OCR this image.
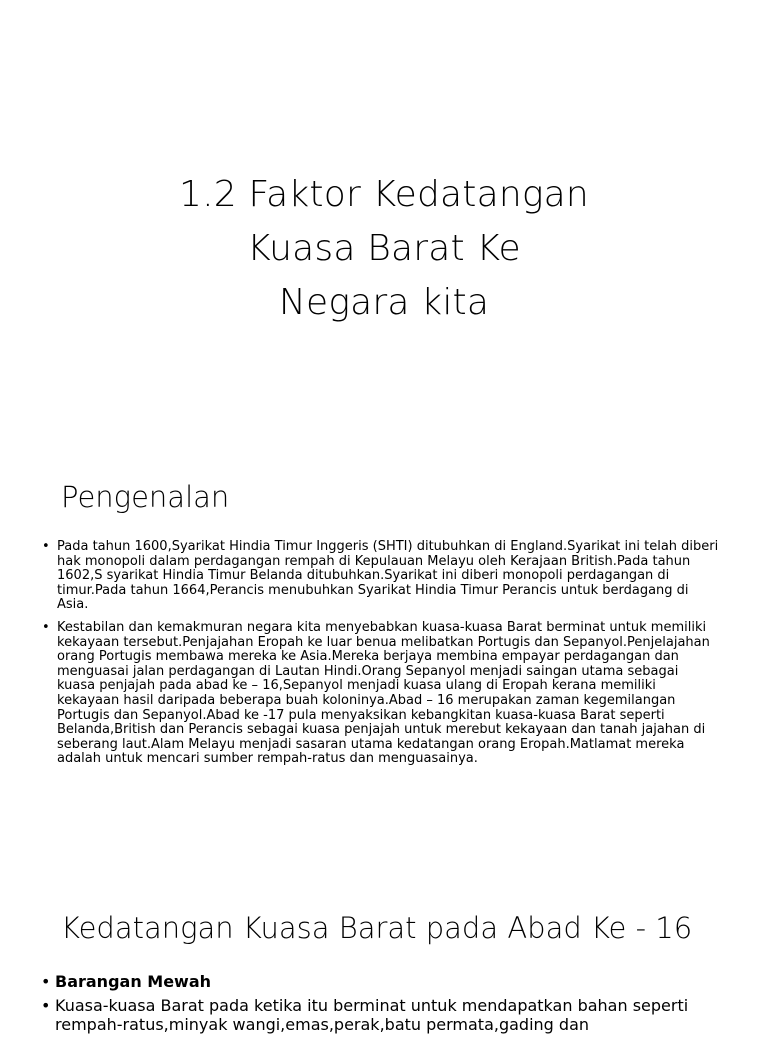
1.2 Faktor Kedatangan
Kuasa Barat Ke
Negara kita
Pengenalan
• Pada tahun 1600,Syarikat Hindia Timur Inggeris (SHTI) ditubuhkan di England.Syarikat ini telah diberi hak monopoli dalam perdagangan rempah di Kepulauan Melayu oleh Kerajaan British.Pada tahun 1602,S syarikat Hindia Timur Belanda ditubuhkan.Syarikat ini diberi monopoli perdagangan di timur.Pada tahun 1664,Perancis menubuhkan Syarikat Hindia Timur Perancis untuk berdagang di Asia.
• Kestabilan dan kemakmuran negara kita menyebabkan kuasa-kuasa Barat berminat untuk memiliki kekayaan tersebut.Penjajahan Eropah ke luar benua melibatkan Portugis dan Sepanyol.Penjelajahan orang Portugis membawa mereka ke Asia.Mereka berjaya membina empayar perdagangan dan menguasai jalan perdagangan di Lautan Hindi.Orang Sepanyol menjadi saingan utama sebagai kuasa penjajah pada abad ke – 16,Sepanyol menjadi kuasa ulang di Eropah kerana memiliki kekayaan hasil daripada beberapa buah koloninya.Abad – 16 merupakan zaman kegemilangan Portugis dan Sepanyol.Abad ke -17 pula menyaksikan kebangkitan kuasa-kuasa Barat seperti Belanda,British dan Perancis sebagai kuasa penjajah untuk merebut kekayaan dan tanah jajahan di seberang laut.Alam Melayu menjadi sasaran utama kedatangan orang Eropah.Matlamat mereka adalah untuk mencari sumber rempah-ratus dan menguasainya.
Kedatangan Kuasa Barat pada Abad Ke - 16
• Barangan Mewah
• Kuasa-kuasa Barat pada ketika itu berminat untuk mendapatkan bahan seperti rempah-ratus,minyak wangi,emas,perak,batu permata,gading dan
